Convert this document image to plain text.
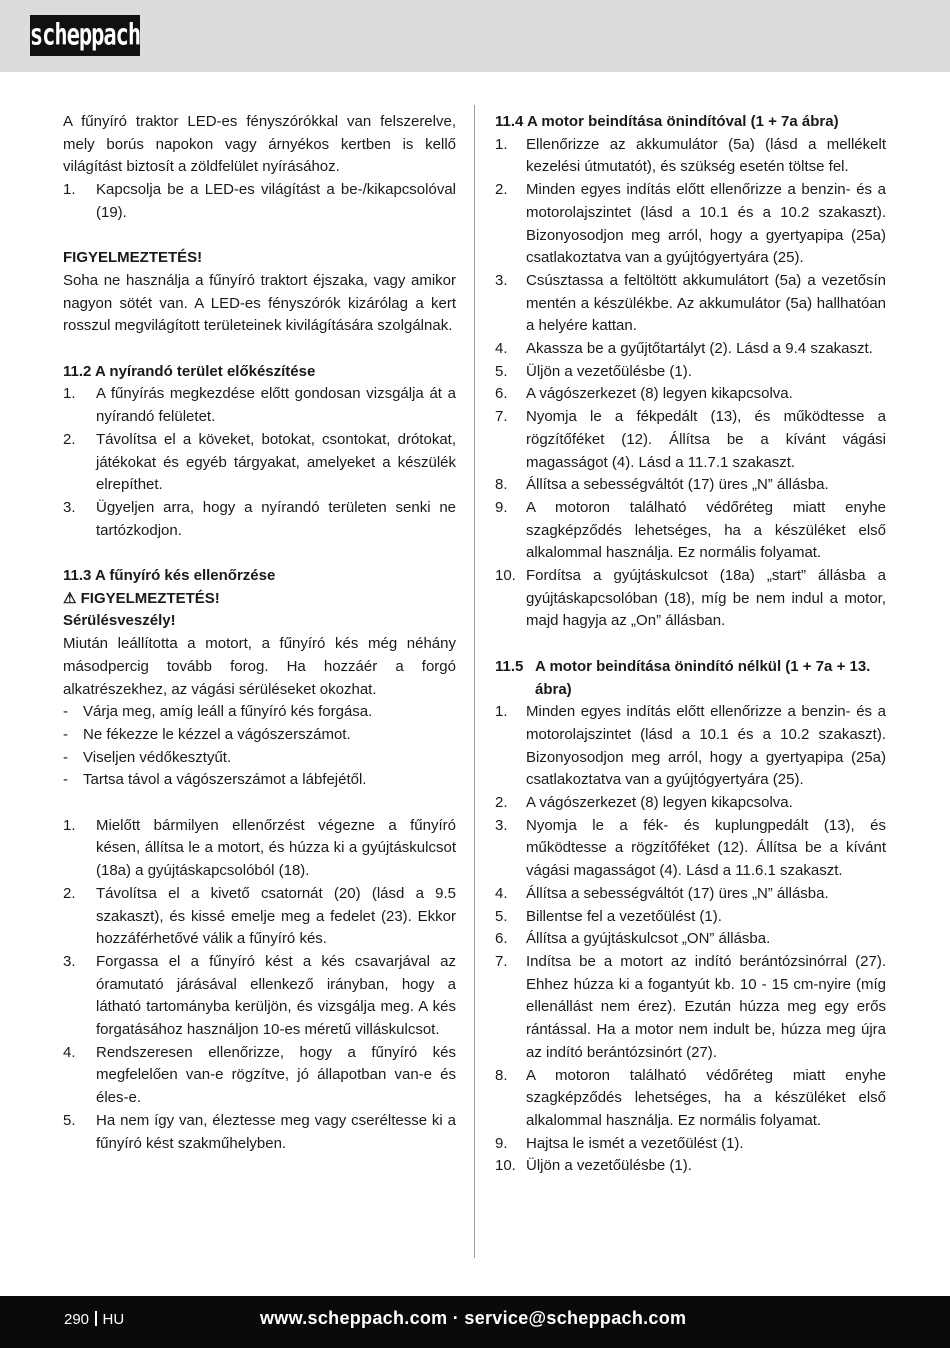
scheppach
A fűnyíró traktor LED-es fényszórókkal van felszerelve, mely borús napokon vagy árnyékos kertben is kellő világítást biztosít a zöldfelület nyírásához.
1.	Kapcsolja be a LED-es világítást a be-/kikapcsolóval (19).
FIGYELMEZTETÉS!
Soha ne használja a fűnyíró traktort éjszaka, vagy amikor nagyon sötét van. A LED-es fényszórók kizárólag a kert rosszul megvilágított területeinek kivilágítására szolgálnak.
11.2 A nyírandó terület előkészítése
1.	A fűnyírás megkezdése előtt gondosan vizsgálja át a nyírandó felületet.
2.	Távolítsa el a köveket, botokat, csontokat, drótokat, játékokat és egyéb tárgyakat, amelyeket a készülék elrepíthet.
3.	Ügyeljen arra, hogy a nyírandó területen senki ne tartózkodjon.
11.3 A fűnyíró kés ellenőrzése
⚠ FIGYELMEZTETÉS!
Sérülésveszély!
Miután leállította a motort, a fűnyíró kés még néhány másodpercig tovább forog. Ha hozzáér a forgó alkatrészekhez, az vágási sérüléseket okozhat.
-	Várja meg, amíg leáll a fűnyíró kés forgása.
-	Ne fékezze le kézzel a vágószerszámot.
-	Viseljen védőkesztyűt.
-	Tartsa távol a vágószerszámot a lábfejétől.
1.	Mielőtt bármilyen ellenőrzést végezne a fűnyíró késen, állítsa le a motort, és húzza ki a gyújtáskulcsot (18a) a gyújtáskapcsolóból (18).
2.	Távolítsa el a kivető csatornát (20) (lásd a 9.5 szakaszt), és kissé emelje meg a fedelet (23). Ekkor hozzáférhetővé válik a fűnyíró kés.
3.	Forgassa el a fűnyíró kést a kés csavarjával az óramutató járásával ellenkező irányban, hogy a látható tartományba kerüljön, és vizsgálja meg. A kés forgatásához használjon 10-es méretű villáskulcsot.
4.	Rendszeresen ellenőrizze, hogy a fűnyíró kés megfelelően van-e rögzítve, jó állapotban van-e és éles-e.
5.	Ha nem így van, éleztesse meg vagy cseréltesse ki a fűnyíró kést szakműhelyben.
11.4 A motor beindítása önindítóval (1 + 7a ábra)
1.	Ellenőrizze az akkumulátor (5a) (lásd a mellékelt kezelési útmutatót), és szükség esetén töltse fel.
2.	Minden egyes indítás előtt ellenőrizze a benzin- és a motorolajszintet (lásd a 10.1 és a 10.2 szakaszt). Bizonyosodjon meg arról, hogy a gyertyapipa (25a) csatlakoztatva van a gyújtógyertyára (25).
3.	Csúsztassa a feltöltött akkumulátort (5a) a vezetősín mentén a készülékbe. Az akkumulátor (5a) hallhatóan a helyére kattan.
4.	Akassza be a gyűjtőtartályt (2). Lásd a 9.4 szakaszt.
5.	Üljön a vezetőülésbe (1).
6.	A vágószerkezet (8) legyen kikapcsolva.
7.	Nyomja le a fékpedált (13), és működtesse a rögzítőféket (12). Állítsa be a kívánt vágási magasságot (4). Lásd a 11.7.1 szakaszt.
8.	Állítsa a sebességváltót (17) üres „N” állásba.
9.	A motoron található védőréteg miatt enyhe szagképződés lehetséges, ha a készüléket első alkalommal használja. Ez normális folyamat.
10. Fordítsa a gyújtáskulcsot (18a) „start” állásba a gyújtáskapcsolóban (18), míg be nem indul a motor, majd hagyja az „On” állásban.
11.5 A motor beindítása önindító nélkül (1 + 7a + 13. ábra)
1.	Minden egyes indítás előtt ellenőrizze a benzin- és a motorolajszintet (lásd a 10.1 és a 10.2 szakaszt). Bizonyosodjon meg arról, hogy a gyertyapipa (25a) csatlakoztatva van a gyújtógyertyára (25).
2.	A vágószerkezet (8) legyen kikapcsolva.
3.	Nyomja le a fék- és kuplungpedált (13), és működtesse a rögzítőféket (12). Állítsa be a kívánt vágási magasságot (4). Lásd a 11.6.1 szakaszt.
4.	Állítsa a sebességváltót (17) üres „N” állásba.
5.	Billentse fel a vezetőülést (1).
6.	Állítsa a gyújtáskulcsot „ON” állásba.
7.	Indítsa be a motort az indító berántózsinórral (27). Ehhez húzza ki a fogantyút kb. 10 - 15 cm-nyire (míg ellenállást nem érez). Ezután húzza meg egy erős rántással. Ha a motor nem indult be, húzza meg újra az indító berántózsinórt (27).
8.	A motoron található védőréteg miatt enyhe szagképződés lehetséges, ha a készüléket első alkalommal használja. Ez normális folyamat.
9.	Hajtsa le ismét a vezetőülést (1).
10. Üljön a vezetőülésbe (1).
290 HU	www.scheppach.com · service@scheppach.com
